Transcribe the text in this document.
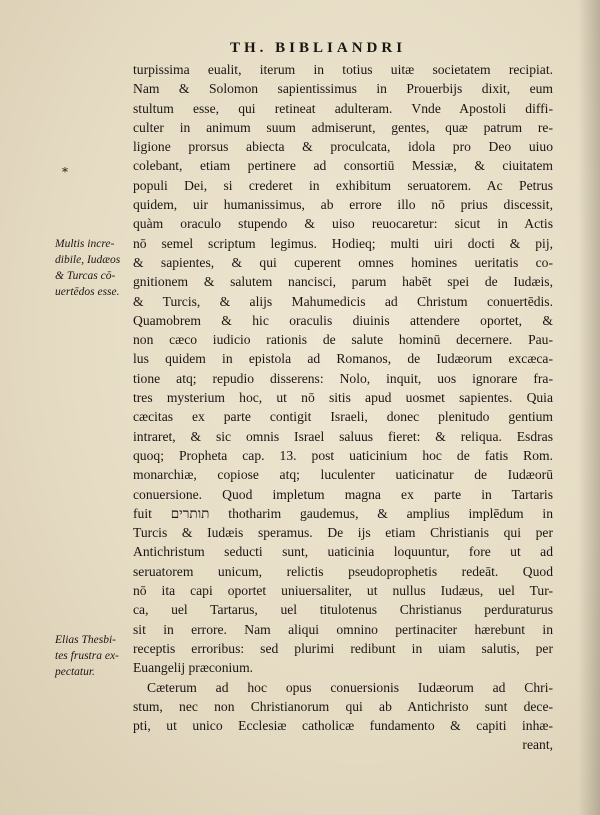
TH. BIBLIANDRI
*
Multis incre-
dibile, Iudæos
& Turcas cō-
uertēdos esse.
Elias Thesbi-
tes frustra ex-
pectatur.
turpissima eualit, iterum in totius uitæ societatem recipiat.
Nam & Solomon sapientissimus in Prouerbijs dixit, eum
stultum esse, qui retineat adulteram. Vnde Apostoli diffi-
culter in animum suum admiserunt, gentes, quæ patrum re-
ligione prorsus abiecta & proculcata, idola pro Deo uiuo
colebant, etiam pertinere ad consortiū Messiæ, & ciuitatem
populi Dei, si crederet in exhibitum seruatorem. Ac Petrus
quidem, uir humanissimus, ab errore illo nō prius discessit,
quàm oraculo stupendo & uiso reuocaretur: sicut in Actis
nō semel scriptum legimus. Hodieq; multi uiri docti & pij,
& sapientes, & qui cuperent omnes homines ueritatis co-
gnitionem & salutem nancisci, parum habēt spei de Iudæis,
& Turcis, & alijs Mahumedicis ad Christum conuertēdis.
Quamobrem & hic oraculis diuinis attendere oportet, &
non cæco iudicio rationis de salute hominū decernere. Pau-
lus quidem in epistola ad Romanos, de Iudæorum excæca-
tione atq; repudio disserens: Nolo, inquit, uos ignorare fra-
tres mysterium hoc, ut nō sitis apud uosmet sapientes. Quia
cæcitas ex parte contigit Israeli, donec plenitudo gentium
intraret, & sic omnis Israel saluus fieret: & reliqua. Esdras
quoq; Propheta cap. 13. post uaticinium hoc de fatis Rom.
monarchiæ, copiose atq; luculenter uaticinatur de Iudæorū
conuersione. Quod impletum magna ex parte in Tartaris
fuit תותרים thotharim gaudemus, & amplius implēdum in
Turcis & Iudæis speramus. De ijs etiam Christianis qui per
Antichristum seducti sunt, uaticinia loquuntur, fore ut ad
seruatorem unicum, relictis pseudoprophetis redeāt. Quod
nō ita capi oportet uniuersaliter, ut nullus Iudæus, uel Tur-
ca, uel Tartarus, uel titulotenus Christianus perduraturus
sit in errore. Nam aliqui omnino pertinaciter hærebunt in
receptis erroribus: sed plurimi redibunt in uiam salutis, per
Euangelij præconium.
Cæterum ad hoc opus conuersionis Iudæorum ad Chri-
stum, nec non Christianorum qui ab Antichristo sunt dece-
pti, ut unico Ecclesiæ catholicæ fundamento & capiti inhæ-
reant,
